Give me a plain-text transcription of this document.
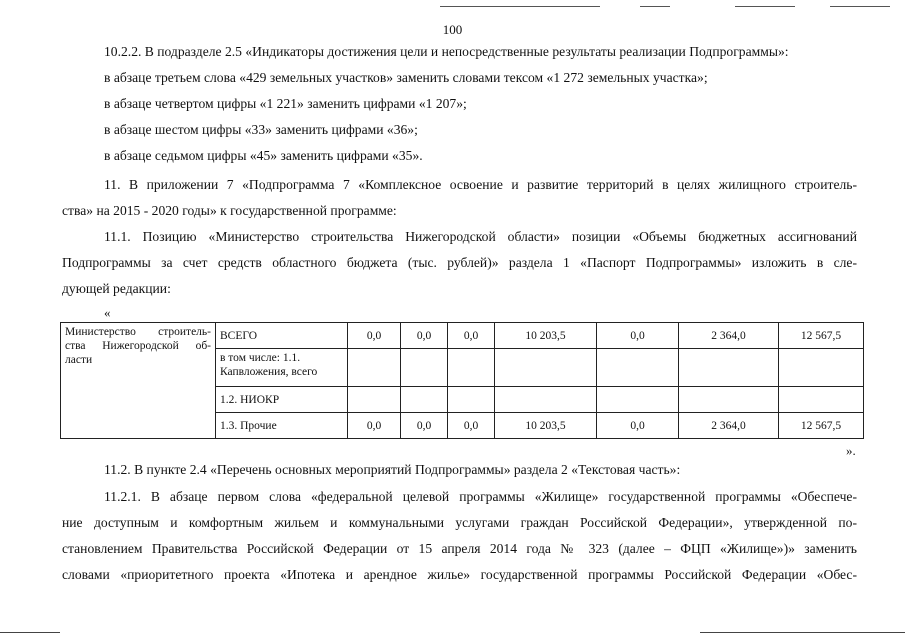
100
10.2.2. В подразделе 2.5 «Индикаторы достижения цели и непосредственные результаты реализации Подпрограммы»:
в абзаце третьем слова «429 земельных участков» заменить словами тексом «1 272 земельных участка»;
в абзаце четвертом цифры «1 221» заменить цифрами «1 207»;
в абзаце шестом цифры «33» заменить цифрами «36»;
в абзаце седьмом цифры «45» заменить цифрами «35».
11. В приложении 7 «Подпрограмма 7 «Комплексное освоение и развитие территорий в целях жилищного строитель-
ства» на 2015 - 2020 годы» к государственной программе:
11.1. Позицию «Министерство строительства Нижегородской области» позиции «Объемы бюджетных ассигнований
Подпрограммы за счет средств областного бюджета (тыс. рублей)» раздела 1 «Паспорт Подпрограммы» изложить в сле-
дующей редакции:
«
Министерство строитель-
ства Нижегородской об-
ласти	ВСЕГО	0,0	0,0	0,0	10 203,5	0,0	2 364,0	12 567,5
	в том числе: 1.1. Капвложения, всего							
	1.2. НИОКР							
	1.3. Прочие	0,0	0,0	0,0	10 203,5	0,0	2 364,0	12 567,5
».
11.2. В пункте 2.4 «Перечень основных мероприятий Подпрограммы» раздела 2 «Текстовая часть»:
11.2.1. В абзаце первом слова «федеральной целевой программы «Жилище» государственной программы «Обеспече-
ние доступным и комфортным жильем и коммунальными услугами граждан Российской Федерации», утвержденной по-
становлением Правительства Российской Федерации от 15 апреля 2014 года № 323 (далее – ФЦП «Жилище»)» заменить
словами «приоритетного проекта «Ипотека и арендное жилье» государственной программы Российской Федерации «Обес-
